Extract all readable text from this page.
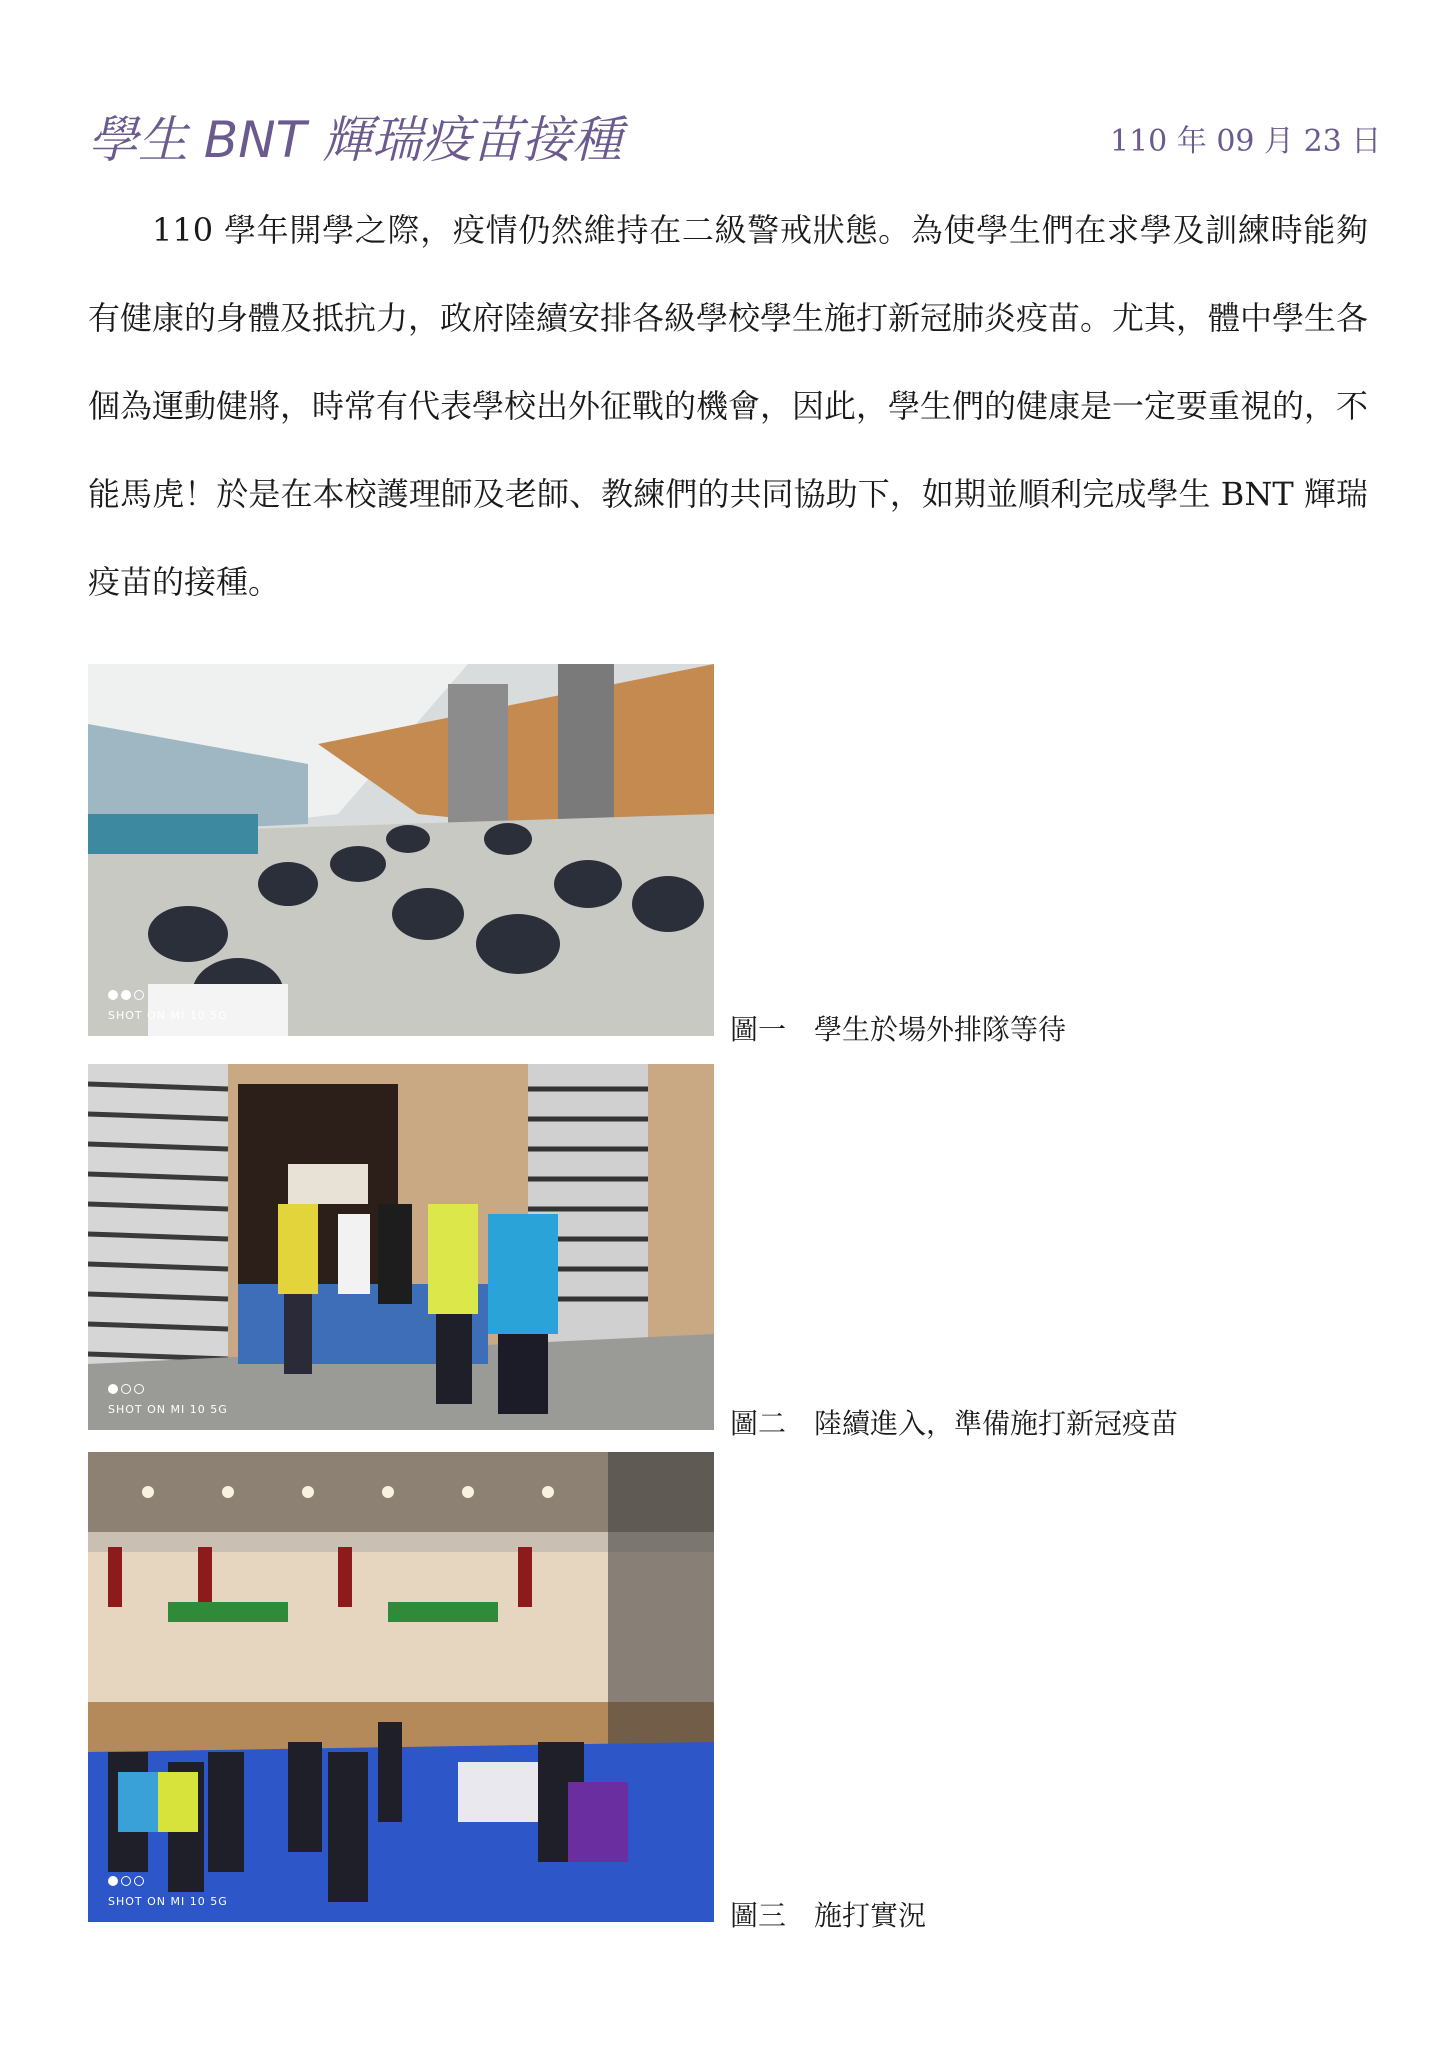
學生 BNT 輝瑞疫苗接種	110 年 09 月 23 日
110 學年開學之際，疫情仍然維持在二級警戒狀態。為使學生們在求學及訓練時能夠有健康的身體及抵抗力，政府陸續安排各級學校學生施打新冠肺炎疫苗。尤其，體中學生各個為運動健將，時常有代表學校出外征戰的機會，因此，學生們的健康是一定要重視的，不能馬虎！於是在本校護理師及老師、教練們的共同協助下，如期並順利完成學生 BNT 輝瑞疫苗的接種。
SHOT ON MI 10 5G	圖一　學生於場外排隊等待
SHOT ON MI 10 5G	圖二　陸續進入，準備施打新冠疫苗
SHOT ON MI 10 5G	圖三　施打實況
